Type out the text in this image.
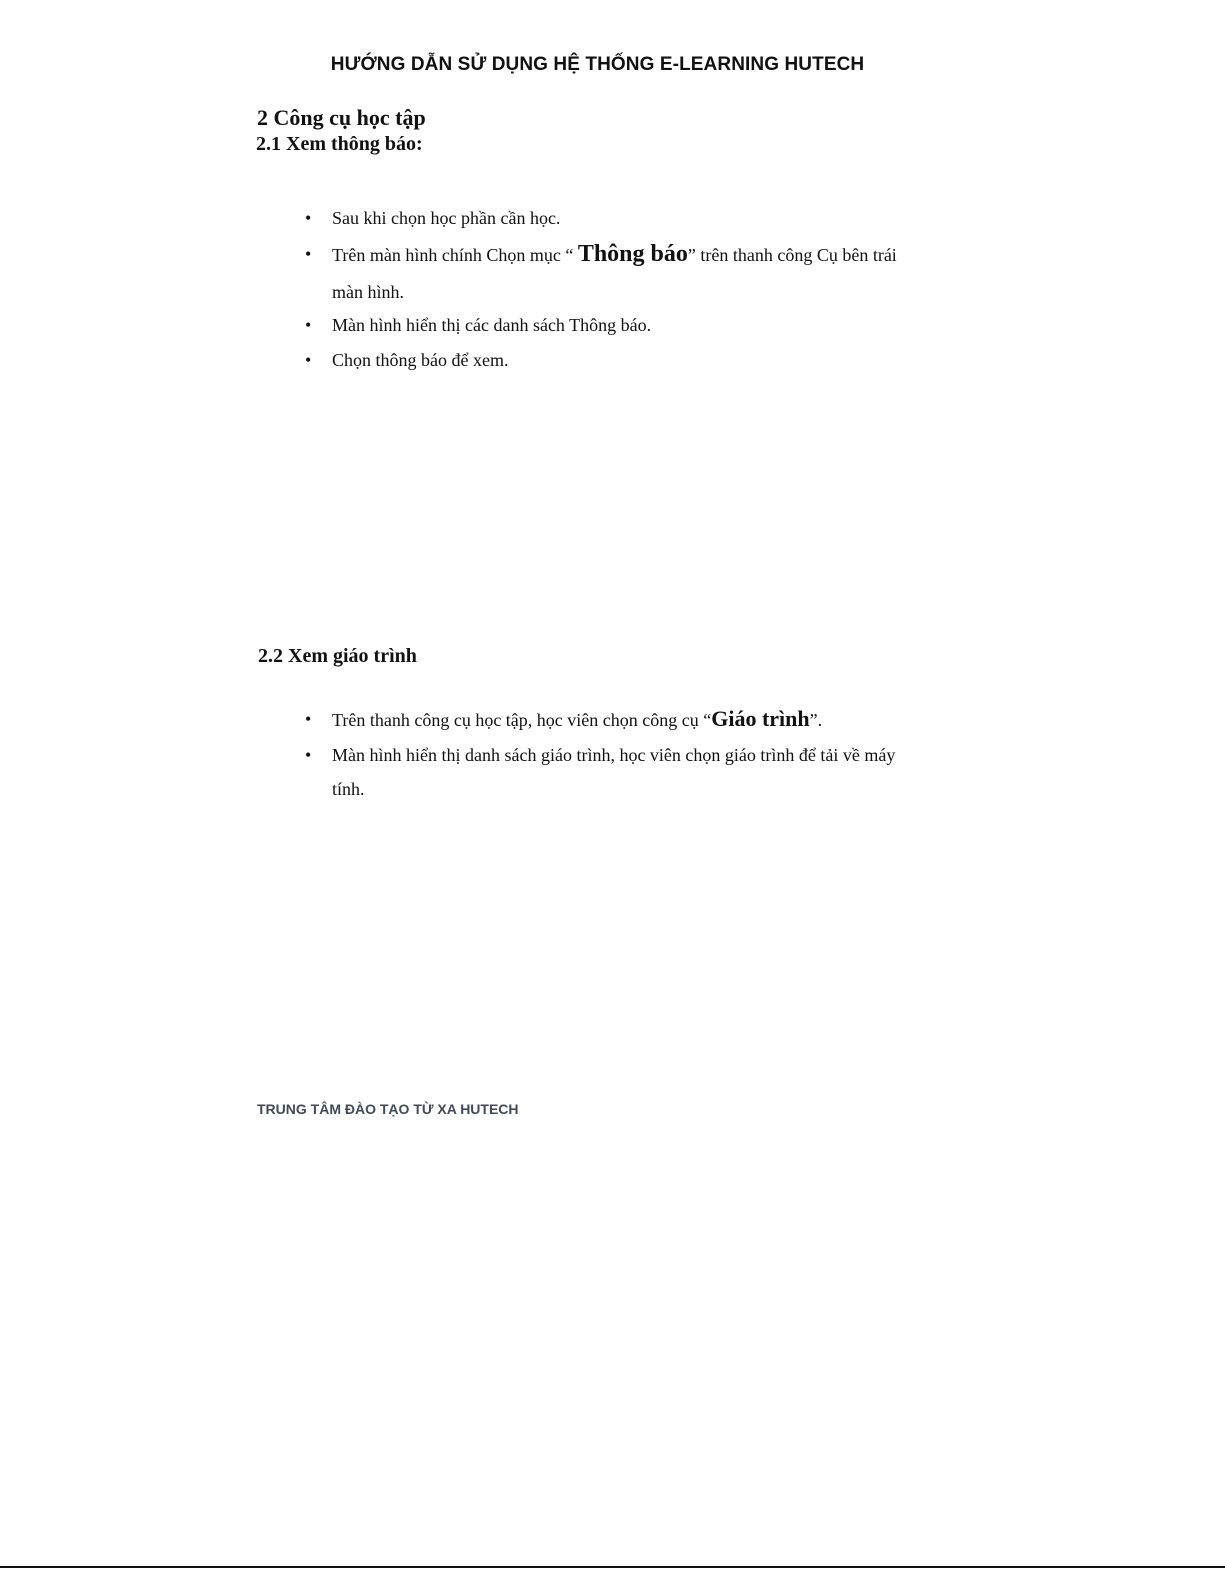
HƯỚNG DẪN SỬ DỤNG HỆ THỐNG E-LEARNING HUTECH
2 Công cụ học tập
2.1 Xem thông báo:
• Sau khi chọn học phần cần học.
• Trên màn hình chính Chọn mục “ Thông báo” trên thanh công Cụ bên trái
màn hình.
• Màn hình hiển thị các danh sách Thông báo.
• Chọn thông báo để xem.
2.2 Xem giáo trình
• Trên thanh công cụ học tập, học viên chọn công cụ “Giáo trình”.
• Màn hình hiển thị danh sách giáo trình, học viên chọn giáo trình để tải về máy
tính.
TRUNG TÂM ĐÀO TẠO TỪ XA HUTECH
